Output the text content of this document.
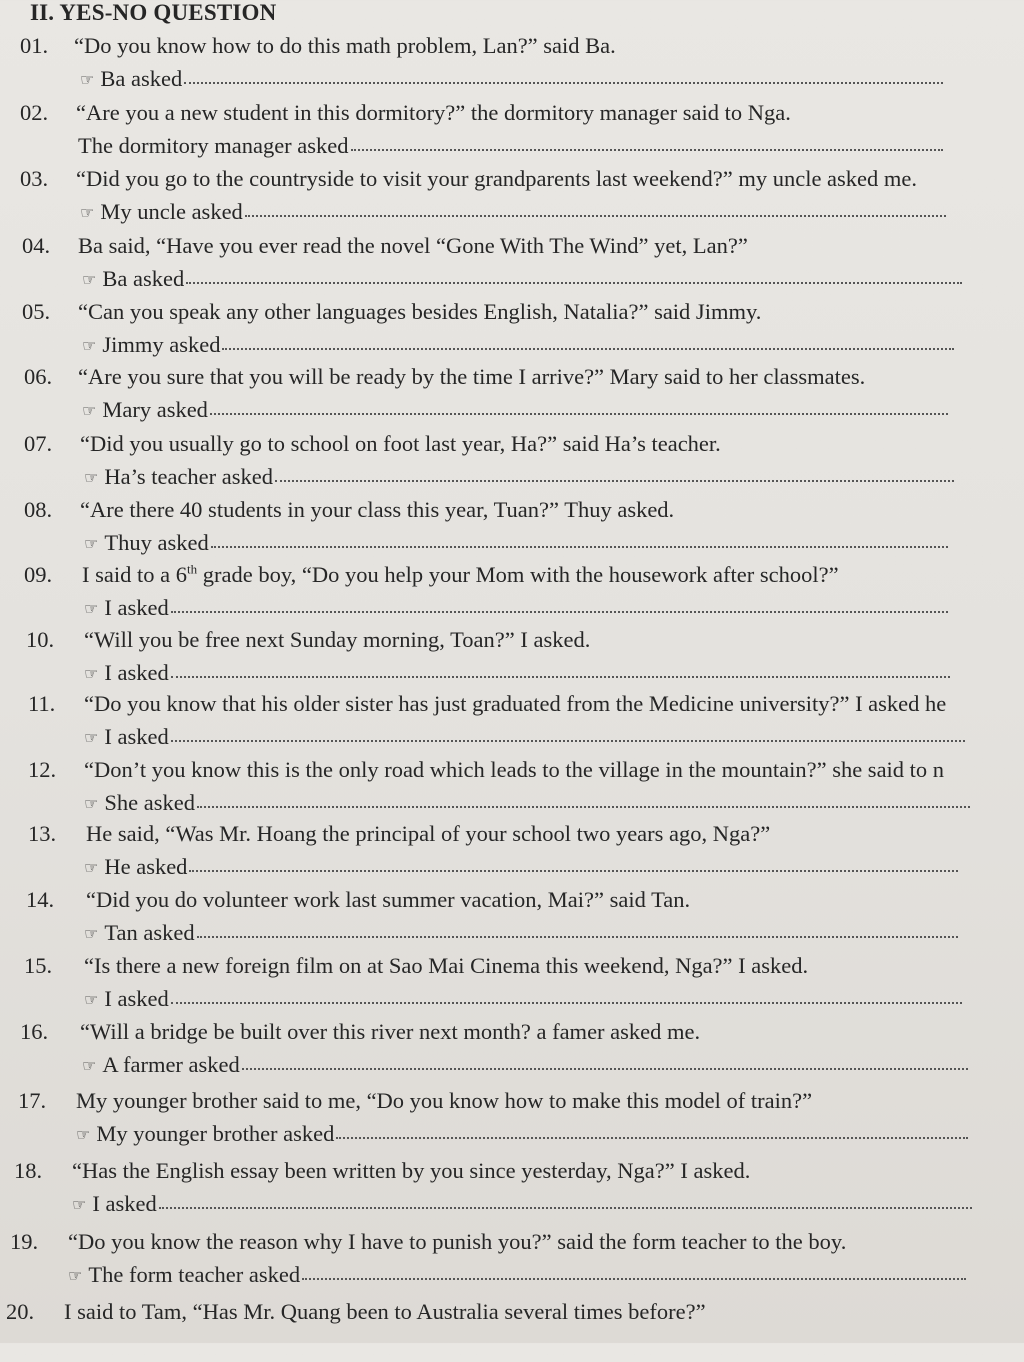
II. YES-NO QUESTION
01.	“Do you know how to do this math problem, Lan?” said Ba.
☞ Ba asked
02.	“Are you a new student in this dormitory?” the dormitory manager said to Nga.
The dormitory manager asked
03.	“Did you go to the countryside to visit your grandparents last weekend?” my uncle asked me.
☞ My uncle asked
04.	Ba said, “Have you ever read the novel “Gone With The Wind” yet, Lan?”
☞ Ba asked
05.	“Can you speak any other languages besides English, Natalia?” said Jimmy.
☞ Jimmy asked
06.	“Are you sure that you will be ready by the time I arrive?” Mary said to her classmates.
☞ Mary asked
07.	“Did you usually go to school on foot last year, Ha?” said Ha’s teacher.
☞ Ha’s teacher asked
08.	“Are there 40 students in your class this year, Tuan?” Thuy asked.
☞ Thuy asked
09.	I said to a 6th grade boy, “Do you help your Mom with the housework after school?”
☞ I asked
10.	“Will you be free next Sunday morning, Toan?” I asked.
☞ I asked
11.	“Do you know that his older sister has just graduated from the Medicine university?” I asked he
☞ I asked
12.	“Don’t you know this is the only road which leads to the village in the mountain?” she said to n
☞ She asked
13.	He said, “Was Mr. Hoang the principal of your school two years ago, Nga?”
☞ He asked
14.	“Did you do volunteer work last summer vacation, Mai?” said Tan.
☞ Tan asked
15.	“Is there a new foreign film on at Sao Mai Cinema this weekend, Nga?” I asked.
☞ I asked
16.	“Will a bridge be built over this river next month? a famer asked me.
☞ A farmer asked
17.	My younger brother said to me, “Do you know how to make this model of train?”
☞ My younger brother asked
18.	“Has the English essay been written by you since yesterday, Nga?” I asked.
☞ I asked
19.	“Do you know the reason why I have to punish you?” said the form teacher to the boy.
☞ The form teacher asked
20.	I said to Tam, “Has Mr. Quang been to Australia several times before?”
